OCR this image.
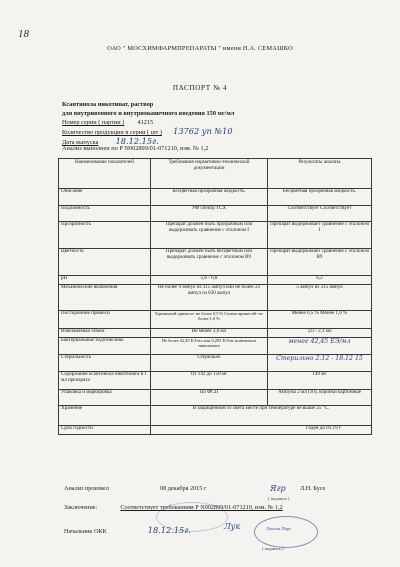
18
ОАО " МОСХИМФАРМПРЕПАРАТЫ " имени Н.А. СЕМАШКО
ПАСПОРТ № 4
Ксантинола никотинат, раствор
для внутривенного и внутримышечного введения 150 мг/мл
Номер серии ( партии ) 41215
Количество продукции в серии ( шт ) 13762 уп №10
Дата выпуска 18.12.15г.
Анализ выполнен по Р N002899/01-071210, изм. № 1,2
Наименование показателей	Требования нормативно-технической документации	Результаты анализа
Описание	Бесцветная прозрачная жидкость.	Бесцветная прозрачная жидкость.
Подлинность	УФ спектр ТСХ	Соответствует Соответствует
Прозрачность	Препарат должен быть прозрачным или выдерживать сравнение с эталоном I	Препарат выдерживает сравнение с эталоном I
Цветность	Препарат должен быть бесцветным или выдерживать сравнение с эталоном В9	Препарат выдерживает сравнение с эталоном В9
pH	5,6 - 6,8	6,2
Механические включения	Не более 9 ампул из 315 ампул или не более 23 ампул из 630 ампул	5 ампул из 315 ампул
Посторонние примеси	Единичной примеси- не более 0,5 % Сумма примесей- не более 1,0 %	Менее 0,5 % Менее 1,0 %
Извлекаемый объем	Не менее 2,0 мл	2,0 - 2,1 мл
Бактериальные эндотоксины	Не более 42,45 ЕЭ/мл или 0,283 ЕЭ/мг ксантинола никотината	менее 42,45 ЕЭ/мл
Стерильность	Стерильно	Стерильно 2.12 - 18.12 15
Содержание ксантинола никотината в 1 мл препарата	От 142 до 158 мг	149 мг
Упаковка и маркировка	По ФСП	Ампулы 2 мл (10), коробки картонные
Хранение	В защищенном от света месте при температуре не выше 25 °С.	
Срок годности	Годен до 01.19 г	
Анализ произвел	08 декабря 2015 г	Ягр Л.Н. Бусе
( подпись )
Заключение:	Соответствует требованиям Р N002899/01-071210, изм. № 1,2
Начальник ОКК	18.12.15г.	Лукина Пиру
Лук
( подпись )
